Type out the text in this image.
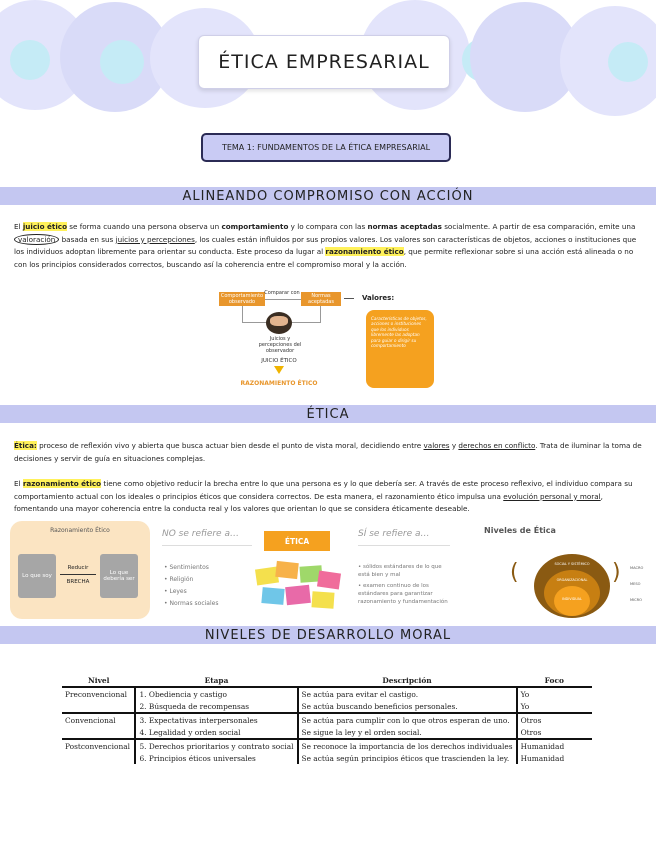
ÉTICA EMPRESARIAL
TEMA 1: FUNDAMENTOS DE LA ÉTICA EMPRESARIAL
ALINEANDO COMPROMISO CON ACCIÓN
El juicio ético se forma cuando una persona observa un comportamiento y lo compara con las normas aceptadas socialmente. A partir de esa comparación, emite una valoración basada en sus juicios y percepciones, los cuales están influidos por sus propios valores. Los valores son características de objetos, acciones o instituciones que los individuos adoptan libremente para orientar su conducta. Este proceso da lugar al razonamiento ético, que permite reflexionar sobre si una acción está alineada o no con los principios considerados correctos, buscando así la coherencia entre el compromiso moral y la acción.
Comportamiento observado
Comparar con	Normas aceptadas
Juicios y percepciones del observador
JUICIO ÉTICO
RAZONAMIENTO ÉTICO
Valores:
Características de objetos, acciones o instituciones que los individuos libremente las adoptan para guiar o dirigir su comportamiento
ÉTICA
Ética: proceso de reflexión vivo y abierta que busca actuar bien desde el punto de vista moral, decidiendo entre valores y derechos en conflicto. Trata de iluminar la toma de decisiones y servir de guía en situaciones complejas.
El razonamiento ético tiene como objetivo reducir la brecha entre lo que una persona es y lo que debería ser. A través de este proceso reflexivo, el individuo compara su comportamiento actual con los ideales o principios éticos que considera correctos. De esta manera, el razonamiento ético impulsa una evolución personal y moral, fomentando una mayor coherencia entre la conducta real y los valores que orientan lo que se considera éticamente deseable.
Razonamiento Ético
Lo que soy
Reducir
BRECHA
Lo que debería ser
NO se refiere a…
ÉTICA
SÍ se refiere a…
• Sentimientos
• Religión
• Leyes
• Normas sociales
• sólidos estándares de lo que está bien y mal
• examen continuo de los estándares para garantizar razonamiento y fundamentación
Niveles de Ética
SOCIAL Y SISTÉMICO
ORGANIZACIONAL
INDIVIDUAL
(	)	MACRO
MESO
MICRO
NIVELES DE DESARROLLO MORAL
Nivel	Etapa	Descripción	Foco
Preconvencional	1. Obediencia y castigo	Se actúa para evitar el castigo.	Yo
	2. Búsqueda de recompensas	Se actúa buscando beneficios personales.	Yo
Convencional	3. Expectativas interpersonales	Se actúa para cumplir con lo que otros esperan de uno.	Otros
	4. Legalidad y orden social	Se sigue la ley y el orden social.	Otros
Postconvencional	5. Derechos prioritarios y contrato social	Se reconoce la importancia de los derechos individuales	Humanidad
	6. Principios éticos universales	Se actúa según principios éticos que trascienden la ley.	Humanidad
